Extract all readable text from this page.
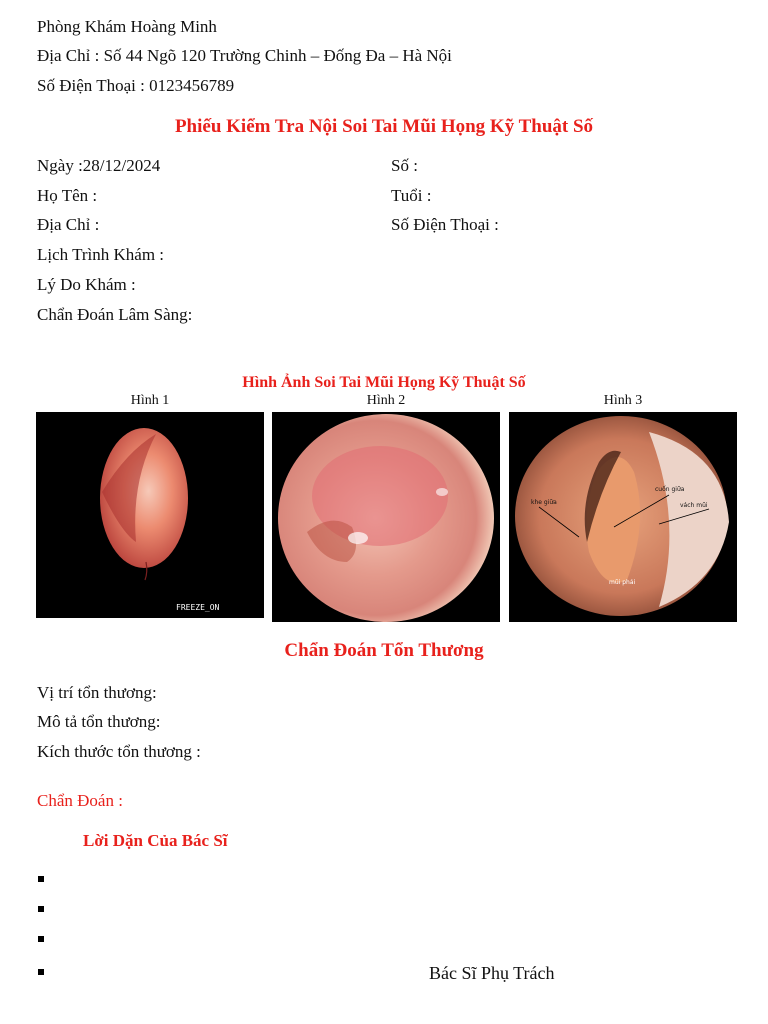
Phòng Khám Hoàng Minh
Địa Chỉ : Số 44 Ngõ 120 Trường Chinh – Đống Đa – Hà Nội
Số Điện Thoại : 0123456789
Phiếu Kiểm Tra Nội Soi Tai Mũi Họng Kỹ Thuật Số
Ngày :28/12/2024	Số :
Họ Tên :	Tuổi :
Địa Chỉ :	Số Điện Thoại :
Lịch Trình Khám :
Lý Do Khám :
Chẩn Đoán Lâm Sàng:
Hình Ảnh Soi Tai Mũi Họng Kỹ Thuật Số
Hình 1	Hình 2	Hình 3
FREEZE_ON
khe giữa
cuốn giữa
vách mũi
mũi phải
Chẩn Đoán Tổn Thương
Vị trí tổn thương:
Mô tả tổn thương:
Kích thước tổn thương :
Chẩn Đoán :
Lời Dặn Của Bác Sĩ
Bác Sĩ Phụ Trách
